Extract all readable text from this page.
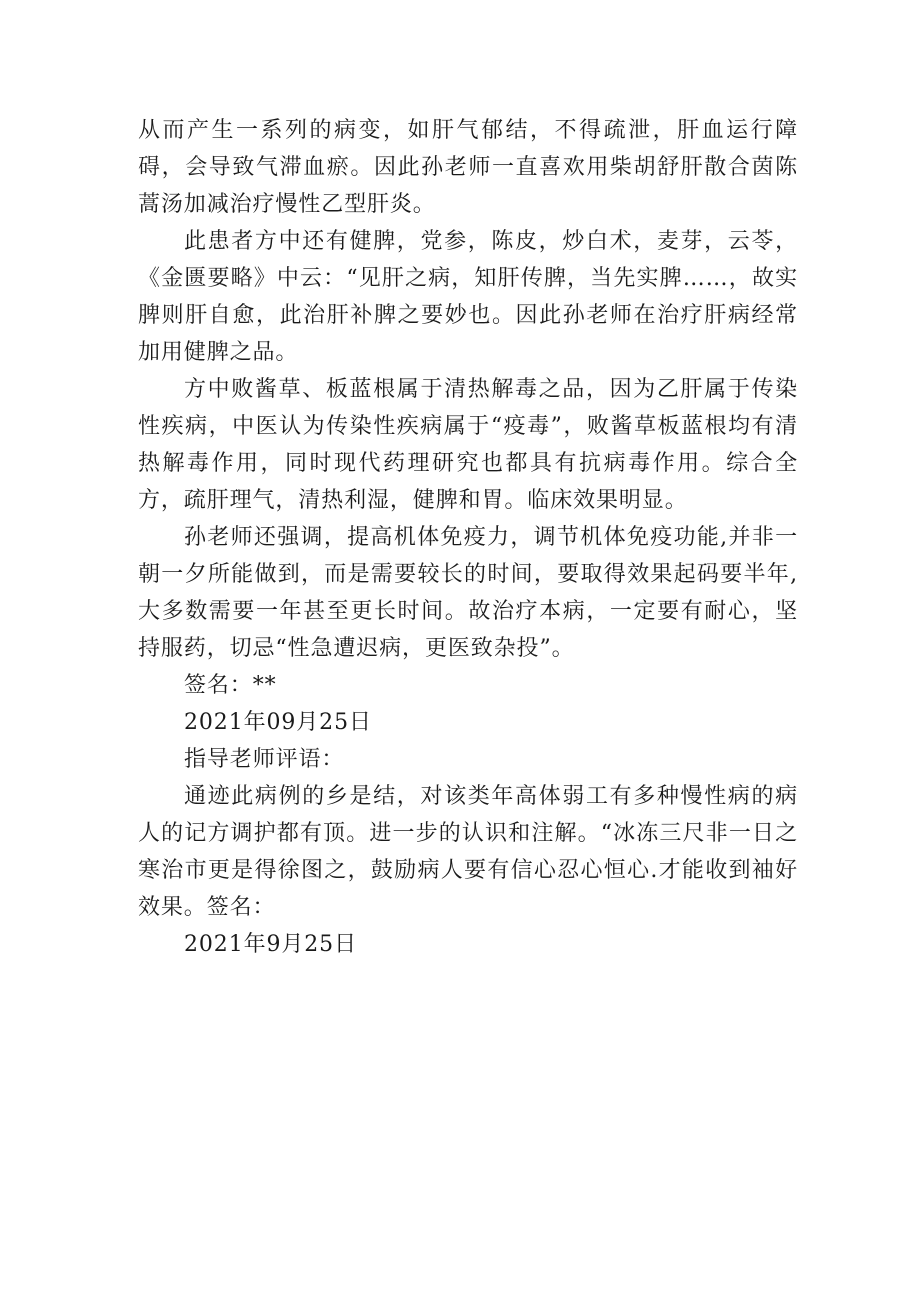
从而产生一系列的病变，如肝气郁结，不得疏泄，肝血运行障碍，会导致气滞血瘀。因此孙老师一直喜欢用柴胡舒肝散合茵陈蒿汤加减治疗慢性乙型肝炎。

此患者方中还有健脾，党参，陈皮，炒白术，麦芽，云苓，《金匮要略》中云：“见肝之病，知肝传脾，当先实脾……，故实脾则肝自愈，此治肝补脾之要妙也。因此孙老师在治疗肝病经常加用健脾之品。

方中败酱草、板蓝根属于清热解毒之品，因为乙肝属于传染性疾病，中医认为传染性疾病属于“疫毒”，败酱草板蓝根均有清热解毒作用，同时现代药理研究也都具有抗病毒作用。综合全方，疏肝理气，清热利湿，健脾和胃。临床效果明显。

孙老师还强调，提高机体免疫力，调节机体免疫功能,并非一朝一夕所能做到，而是需要较长的时间，要取得效果起码要半年,大多数需要一年甚至更长时间。故治疗本病，一定要有耐心，坚持服药，切忌“性急遭迟病，更医致杂投”。

签名：**

2021年09月25日

指导老师评语：

通迹此病例的乡是结，对该类年高体弱工有多种慢性病的病人的记方调护都有顶。进一步的认识和注解。“冰冻三尺非一日之寒治市更是得徐图之，鼓励病人要有信心忍心恒心.才能收到袖好效果。签名：

2021年9月25日
